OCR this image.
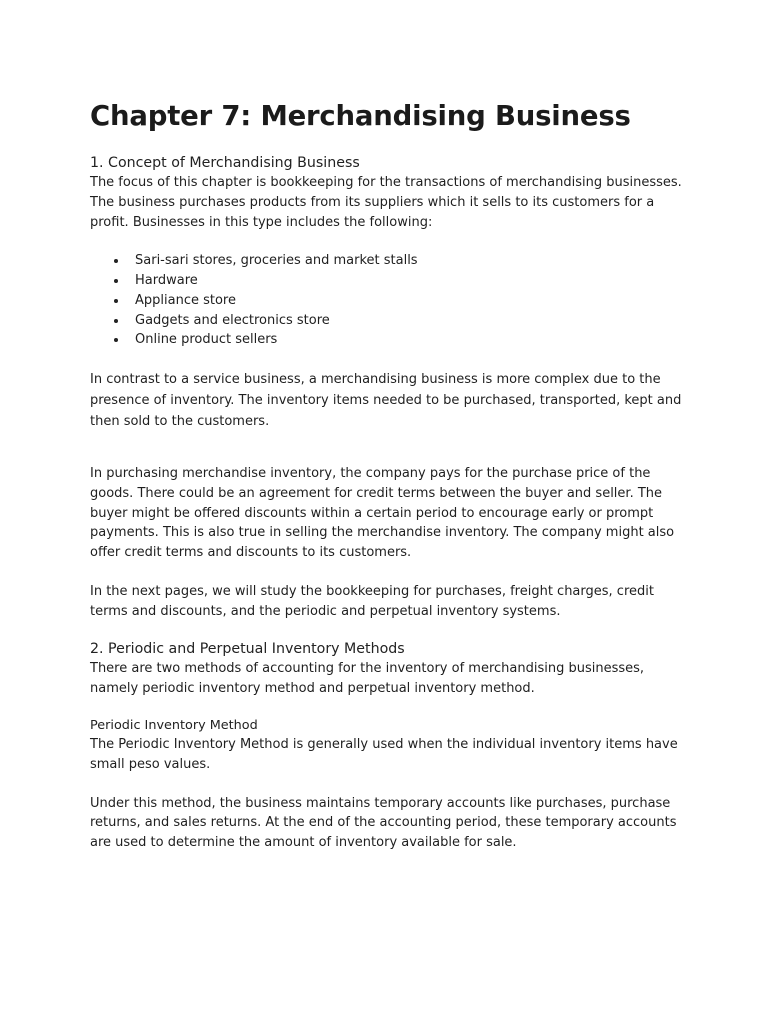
Chapter 7: Merchandising Business
1. Concept of Merchandising Business

The focus of this chapter is bookkeeping for the transactions of merchandising businesses. The business purchases products from its suppliers which it sells to its customers for a profit. Businesses in this type includes the following:

Sari-sari stores, groceries and market stalls
Hardware
Appliance store
Gadgets and electronics store
Online product sellers

In contrast to a service business, a merchandising business is more complex due to the presence of inventory. The inventory items needed to be purchased, transported, kept and then sold to the customers.

In purchasing merchandise inventory, the company pays for the purchase price of the goods. There could be an agreement for credit terms between the buyer and seller. The buyer might be offered discounts within a certain period to encourage early or prompt payments. This is also true in selling the merchandise inventory. The company might also offer credit terms and discounts to its customers.

In the next pages, we will study the bookkeeping for purchases, freight charges, credit terms and discounts, and the periodic and perpetual inventory systems.

2. Periodic and Perpetual Inventory Methods

There are two methods of accounting for the inventory of merchandising businesses, namely periodic inventory method and perpetual inventory method.

Periodic Inventory Method

The Periodic Inventory Method is generally used when the individual inventory items have small peso values.

Under this method, the business maintains temporary accounts like purchases, purchase returns, and sales returns. At the end of the accounting period, these temporary accounts are used to determine the amount of inventory available for sale.
